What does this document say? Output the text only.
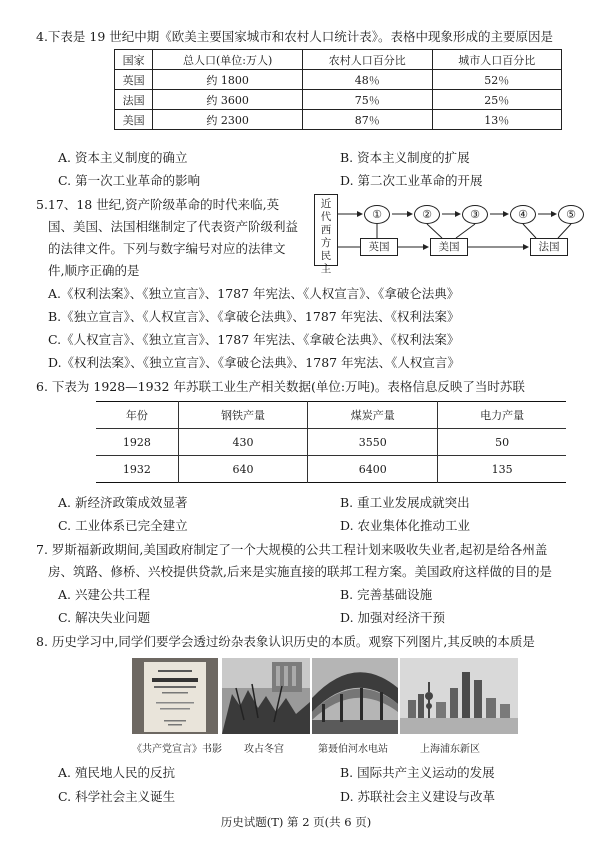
4.下表是 19 世纪中期《欧美主要国家城市和农村人口统计表》。表格中现象形成的主要原因是
国家	总人口(单位:万人)	农村人口百分比	城市人口百分比
英国	约 1800	48％	52％
法国	约 3600	75％	25％
美国	约 2300	87％	13％
A. 资本主义制度的确立	B. 资本主义制度的扩展
C. 第一次工业革命的影响	D. 第二次工业革命的开展
5.17、18 世纪,资产阶级革命的时代来临,英
国、美国、法国相继制定了代表资产阶级利益
的法律文件。下列与数字编号对应的法律文
件,顺序正确的是
近代西方民主
①	②	③	④	⑤
英国	美国	法国
A.《权利法案》、《独立宣言》、1787 年宪法、《人权宣言》、《拿破仑法典》
B.《独立宣言》、《人权宣言》、《拿破仑法典》、1787 年宪法、《权利法案》
C.《人权宣言》、《独立宣言》、1787 年宪法、《拿破仑法典》、《权利法案》
D.《权利法案》、《独立宣言》、《拿破仑法典》、1787 年宪法、《人权宣言》
6. 下表为 1928—1932 年苏联工业生产相关数据(单位:万吨)。表格信息反映了当时苏联
年份	钢铁产量	煤炭产量	电力产量
1928	430	3550	50
1932	640	6400	135
A. 新经济政策成效显著	B. 重工业发展成就突出
C. 工业体系已完全建立	D. 农业集体化推动工业
7. 罗斯福新政期间,美国政府制定了一个大规模的公共工程计划来吸收失业者,起初是给各州盖
房、筑路、修桥、兴校提供贷款,后来是实施直接的联邦工程方案。美国政府这样做的目的是
A. 兴建公共工程	B. 完善基础设施
C. 解决失业问题	D. 加强对经济干预
8. 历史学习中,同学们要学会透过纷杂表象认识历史的本质。观察下列图片,其反映的本质是
《共产党宣言》书影 攻占冬宫	第聂伯河水电站	上海浦东新区
A. 殖民地人民的反抗	B. 国际共产主义运动的发展
C. 科学社会主义诞生	D. 苏联社会主义建设与改革
历史试题(T) 第 2 页(共 6 页)
